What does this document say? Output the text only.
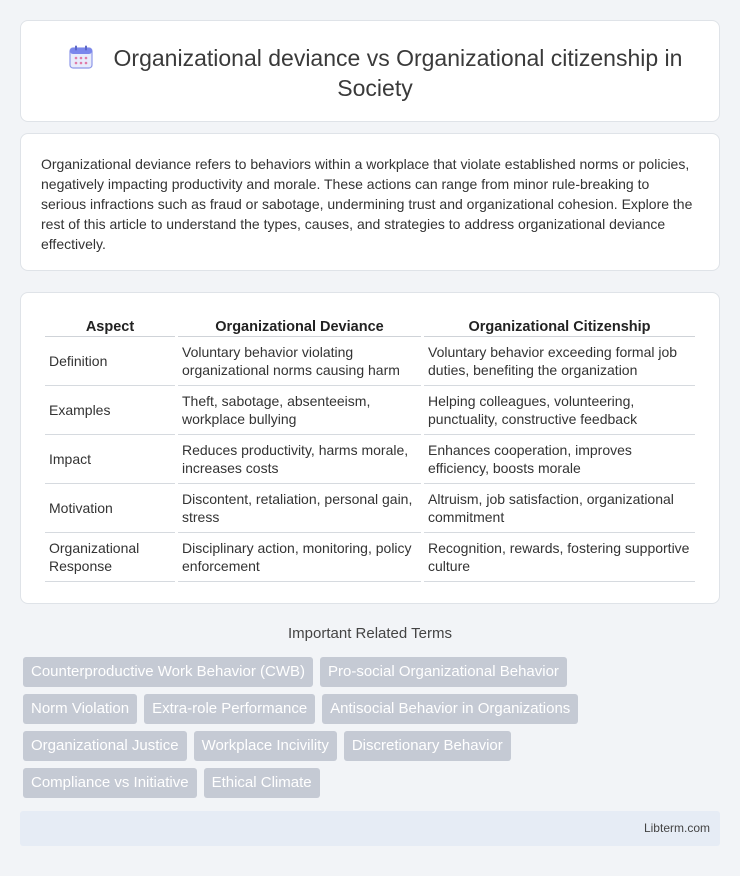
Organizational deviance vs Organizational citizenship in Society

Organizational deviance refers to behaviors within a workplace that violate established norms or policies, negatively impacting productivity and morale. These actions can range from minor rule-breaking to serious infractions such as fraud or sabotage, undermining trust and organizational cohesion. Explore the rest of this article to understand the types, causes, and strategies to address organizational deviance effectively.

Aspect	Organizational Deviance	Organizational Citizenship
Definition	Voluntary behavior violating organizational norms causing harm	Voluntary behavior exceeding formal job duties, benefiting the organization
Examples	Theft, sabotage, absenteeism, workplace bullying	Helping colleagues, volunteering, punctuality, constructive feedback
Impact	Reduces productivity, harms morale, increases costs	Enhances cooperation, improves efficiency, boosts morale
Motivation	Discontent, retaliation, personal gain, stress	Altruism, job satisfaction, organizational commitment
Organizational Response	Disciplinary action, monitoring, policy enforcement	Recognition, rewards, fostering supportive culture
Important Related Terms
Counterproductive Work Behavior (CWB)	Pro-social Organizational Behavior
Norm Violation	Extra-role Performance	Antisocial Behavior in Organizations
Organizational Justice	Workplace Incivility	Discretionary Behavior
Compliance vs Initiative	Ethical Climate
Libterm.com
